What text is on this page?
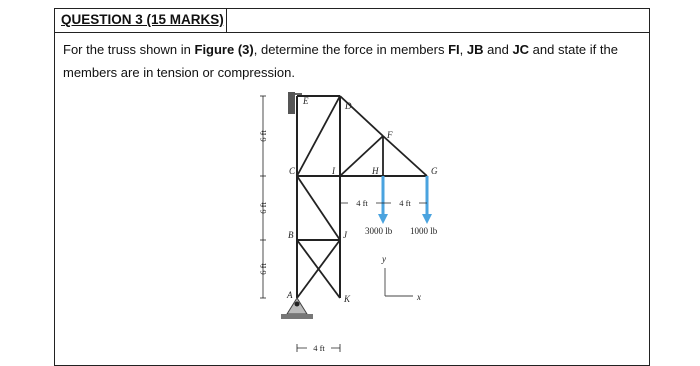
QUESTION 3 (15 MARKS)
For the truss shown in Figure (3), determine the force in members FI, JB and JC and state if the members are in tension or compression.
E	D
F
C	I	H	G
B	J
A	K
6 ft
6 ft
6 ft
4 ft	4 ft
3000 lb 1000 lb
y
x
4 ft
